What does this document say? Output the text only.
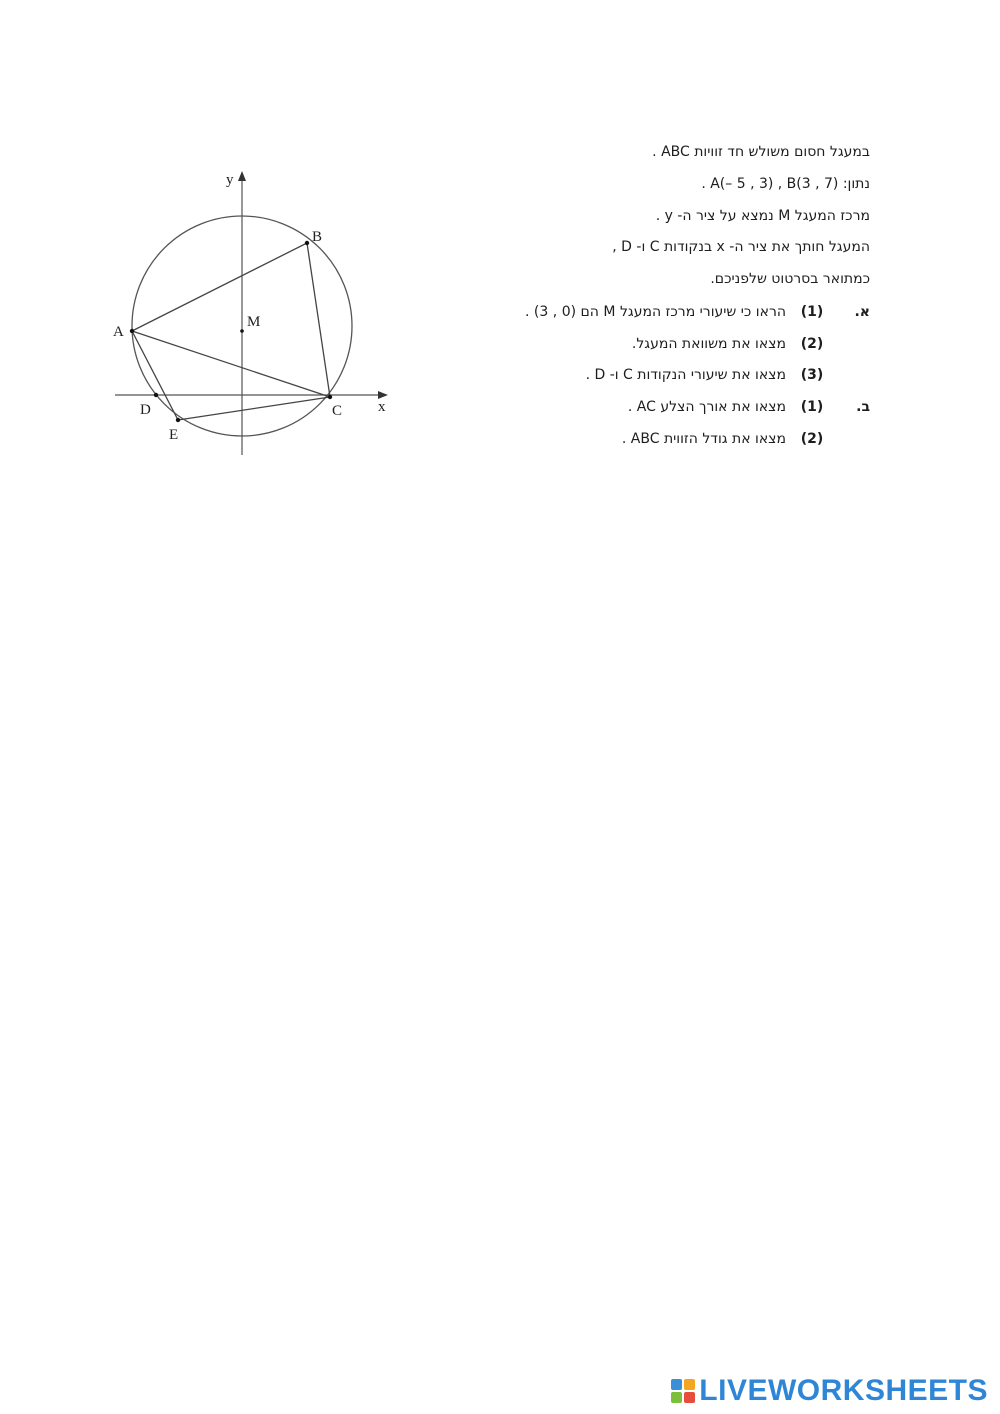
y
x
A
B
C
D
E
M
במעגל חסום משולש חד זוויות ABC .
נתון: A(– 5 , 3) , B(3 , 7) .
מרכז המעגל M נמצא על ציר ה- y .
המעגל חותך את ציר ה- x בנקודות C ו- D ,
כמתואר בסרטוט שלפניכם.
א.
(1)
הראו כי שיעורי מרכז המעגל M הם (0 , 3) .
(2)
מצאו את משוואת המעגל.
(3)
מצאו את שיעורי הנקודות C ו- D .
ב.
(1)
מצאו את אורך הצלע AC .
(2)
מצאו את גודל הזווית ABC .
LIVEWORKSHEETS
